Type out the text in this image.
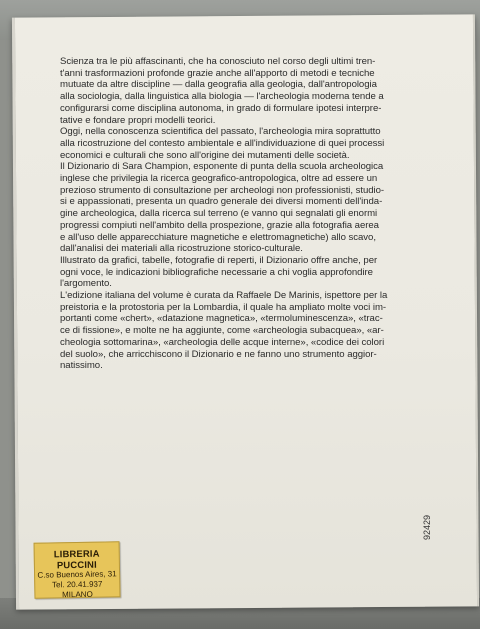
Scienza tra le più affascinanti, che ha conosciuto nel corso degli ultimi tren-

t'anni trasformazioni profonde grazie anche all'apporto di metodi e tecniche

mutuate da altre discipline — dalla geografia alla geologia, dall'antropologia

alla sociologia, dalla linguistica alla biologia — l'archeologia moderna tende a

configurarsi come disciplina autonoma, in grado di formulare ipotesi interpre-

tative e fondare propri modelli teorici.

Oggi, nella conoscenza scientifica del passato, l'archeologia mira soprattutto

alla ricostruzione del contesto ambientale e all'individuazione di quei processi

economici e culturali che sono all'origine dei mutamenti delle società.

Il Dizionario di Sara Champion, esponente di punta della scuola archeologica

inglese che privilegia la ricerca geografico-antropologica, oltre ad essere un

prezioso strumento di consultazione per archeologi non professionisti, studio-

si e appassionati, presenta un quadro generale dei diversi momenti dell'inda-

gine archeologica, dalla ricerca sul terreno (e vanno qui segnalati gli enormi

progressi compiuti nell'ambito della prospezione, grazie alla fotografia aerea

e all'uso delle apparecchiature magnetiche e elettromagnetiche) allo scavo,

dall'analisi dei materiali alla ricostruzione storico-culturale.

Illustrato da grafici, tabelle, fotografie di reperti, il Dizionario offre anche, per

ogni voce, le indicazioni bibliografiche necessarie a chi voglia approfondire

l'argomento.

L'edizione italiana del volume è curata da Raffaele De Marinis, ispettore per la

preistoria e la protostoria per la Lombardia, il quale ha ampliato molte voci im-

portanti come «chert», «datazione magnetica», «termoluminescenza», «trac-

ce di fissione», e molte ne ha aggiunte, come «archeologia subacquea», «ar-

cheologia sottomarina», «archeologia delle acque interne», «codice dei colori

del suolo», che arricchiscono il Dizionario e ne fanno uno strumento aggior-

natissimo.

92429
LIBRERIA PUCCINI
C.so Buenos Aires, 31
Tel. 20.41.937
MILANO
